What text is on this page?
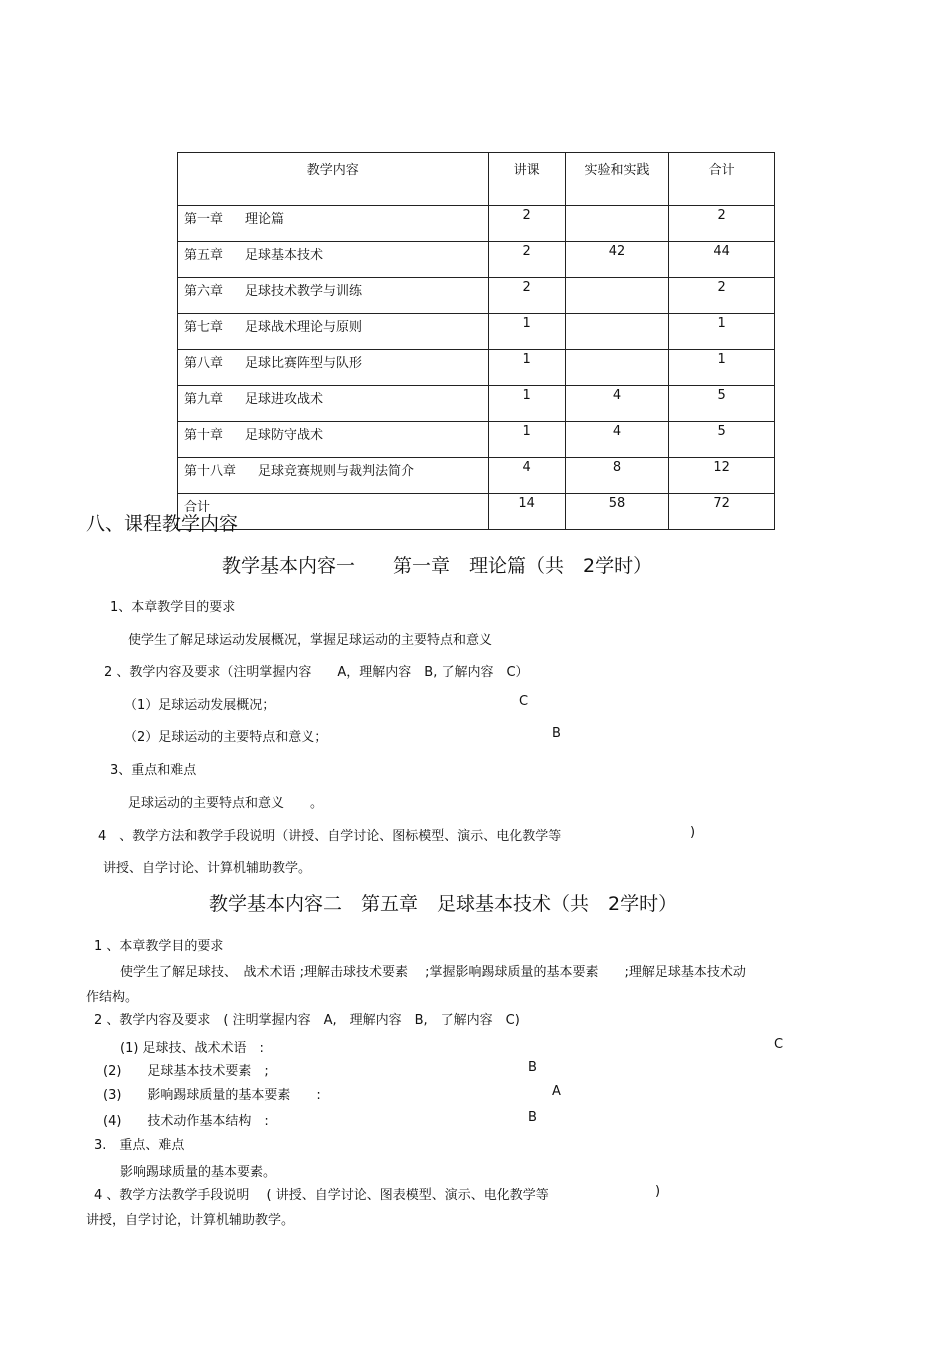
教学内容	讲课	实验和实践	合计
第一章 理论篇	2		2
第五章 足球基本技术	2	42	44
第六章 足球技术教学与训练	2		2
第七章 足球战术理论与原则	1		1
第八章 足球比赛阵型与队形	1		1
第九章 足球进攻战术	1	4	5
第十章 足球防守战术	1	4	5
第十八章 足球竞赛规则与裁判法简介	4	8	12
合计	14	58	72
八、课程教学内容
教学基本内容一　　第一章　理论篇（共　2学时）
1、本章教学目的要求
使学生了解足球运动发展概况，掌握足球运动的主要特点和意义
2 、教学内容及要求（注明掌握内容　　A，理解内容　B, 了解内容　C）
（1）足球运动发展概况；	C
（2）足球运动的主要特点和意义；	B
3、重点和难点
足球运动的主要特点和意义　　。
4　、教学方法和教学手段说明（讲授、自学讨论、图标模型、演示、电化教学等	)
讲授、自学讨论、计算机辅助教学。
教学基本内容二　第五章　足球基本技术（共　2学时）
1 、本章教学目的要求
使学生了解足球技、　战术术语 ;理解击球技术要素　 ;掌握影响踢球质量的基本要素　　;理解足球基本技术动
作结构。
2 、教学内容及要求　( 注明掌握内容　A,　理解内容　B,　了解内容　C)
(1) 足球技、战术术语　:	C
(2)　　足球基本技术要素　;	B
(3)　　影响踢球质量的基本要素　　:	A
(4)　　技术动作基本结构　:	B
3.　重点、难点
影响踢球质量的基本要素。
4 、教学方法教学手段说明　 ( 讲授、自学讨论、图表模型、演示、电化教学等	)
讲授，自学讨论，计算机辅助教学。
